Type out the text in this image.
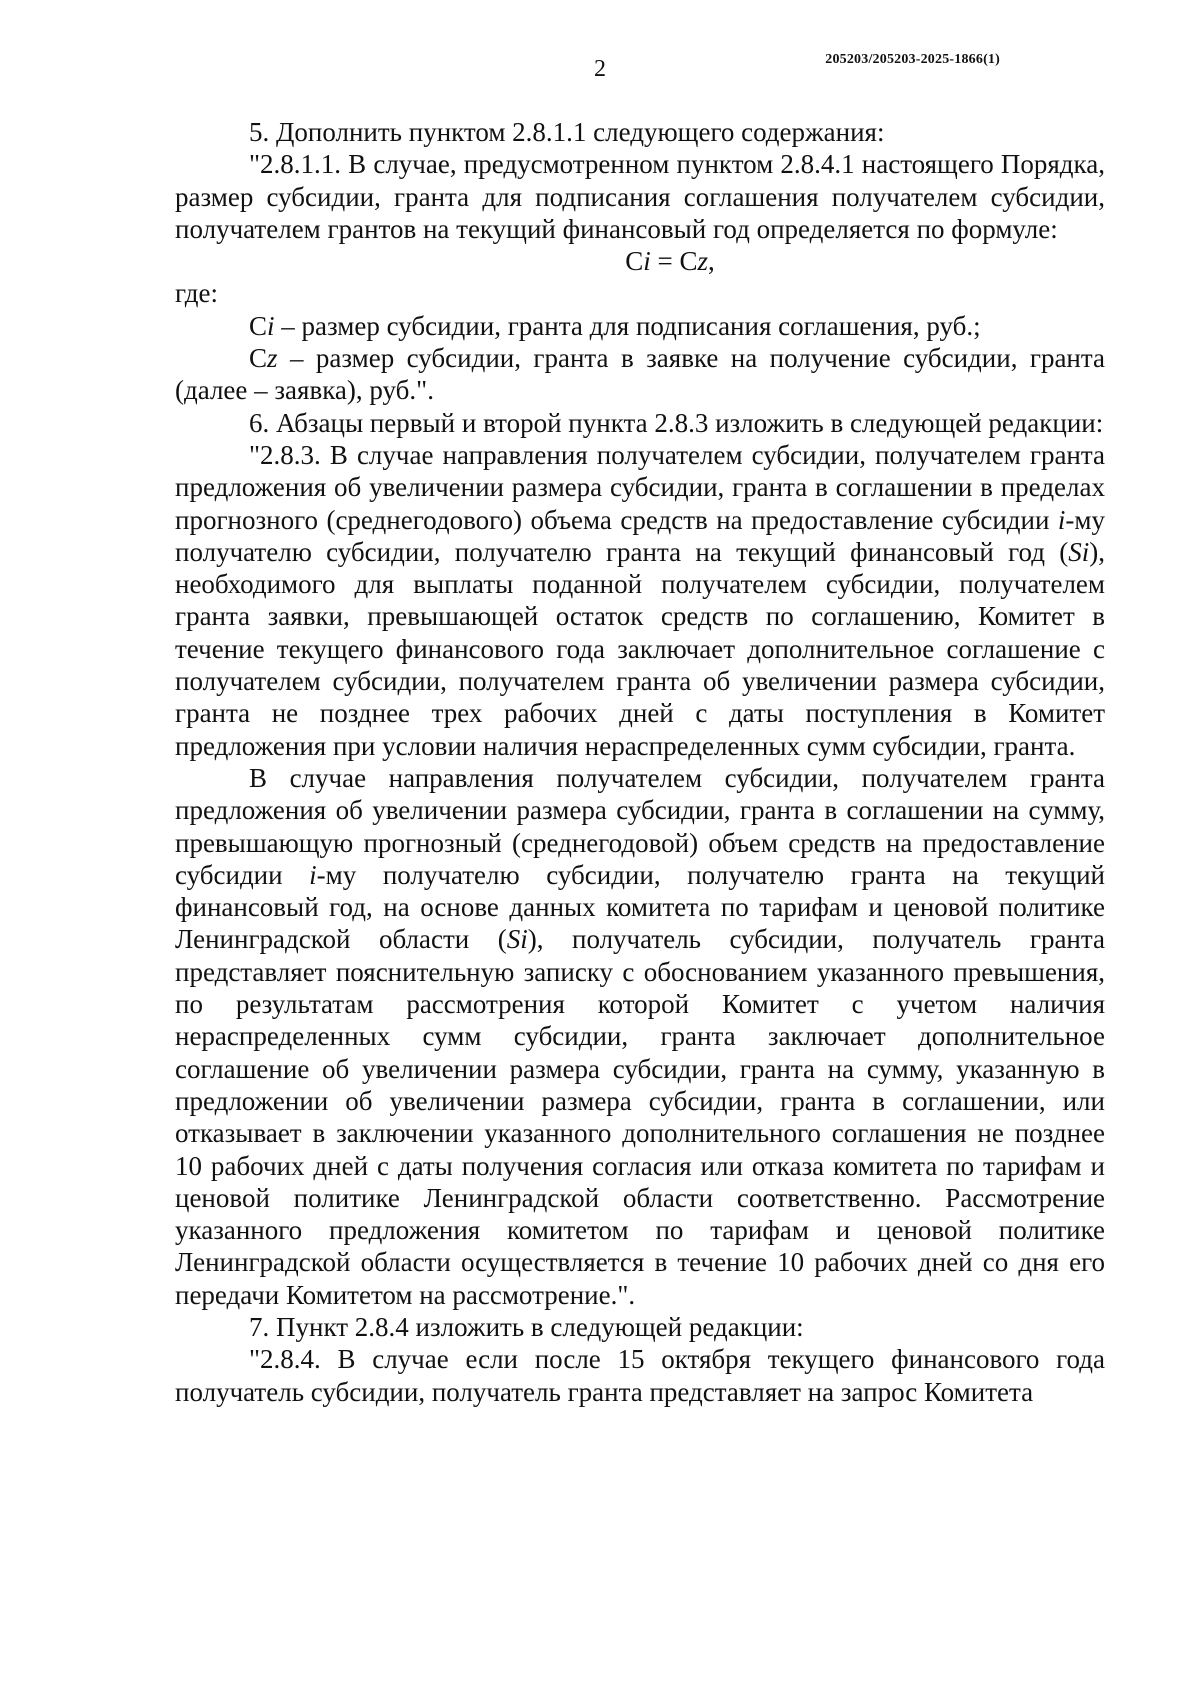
2	205203/205203-2025-1866(1)

5. Дополнить пунктом 2.8.1.1 следующего содержания:

"2.8.1.1. В случае, предусмотренном пунктом 2.8.4.1 настоящего Порядка, размер субсидии, гранта для подписания соглашения получателем субсидии, получателем грантов на текущий финансовый год определяется по формуле:

Ci = Cz,

где:

Ci – размер субсидии, гранта для подписания соглашения, руб.;

Cz – размер субсидии, гранта в заявке на получение субсидии, гранта (далее – заявка), руб.".

6. Абзацы первый и второй пункта 2.8.3 изложить в следующей редакции:

"2.8.3. В случае направления получателем субсидии, получателем гранта предложения об увеличении размера субсидии, гранта в соглашении в пределах прогнозного (среднегодового) объема средств на предоставление субсидии i-му получателю субсидии, получателю гранта на текущий финансовый год (Si), необходимого для выплаты поданной получателем субсидии, получателем гранта заявки, превышающей остаток средств по соглашению, Комитет в течение текущего финансового года заключает дополнительное соглашение с получателем субсидии, получателем гранта об увеличении размера субсидии, гранта не позднее трех рабочих дней с даты поступления в Комитет предложения при условии наличия нераспределенных сумм субсидии, гранта.

В случае направления получателем субсидии, получателем гранта предложения об увеличении размера субсидии, гранта в соглашении на сумму, превышающую прогнозный (среднегодовой) объем средств на предоставление субсидии i-му получателю субсидии, получателю гранта на текущий финансовый год, на основе данных комитета по тарифам и ценовой политике Ленинградской области (Si), получатель субсидии, получатель гранта представляет пояснительную записку с обоснованием указанного превышения, по результатам рассмотрения которой Комитет с учетом наличия нераспределенных сумм субсидии, гранта заключает дополнительное соглашение об увеличении размера субсидии, гранта на сумму, указанную в предложении об увеличении размера субсидии, гранта в соглашении, или отказывает в заключении указанного дополнительного соглашения не позднее 10 рабочих дней с даты получения согласия или отказа комитета по тарифам и ценовой политике Ленинградской области соответственно. Рассмотрение указанного предложения комитетом по тарифам и ценовой политике Ленинградской области осуществляется в течение 10 рабочих дней со дня его передачи Комитетом на рассмотрение.".

7. Пункт 2.8.4 изложить в следующей редакции:

"2.8.4. В случае если после 15 октября текущего финансового года получатель субсидии, получатель гранта представляет на запрос Комитета
